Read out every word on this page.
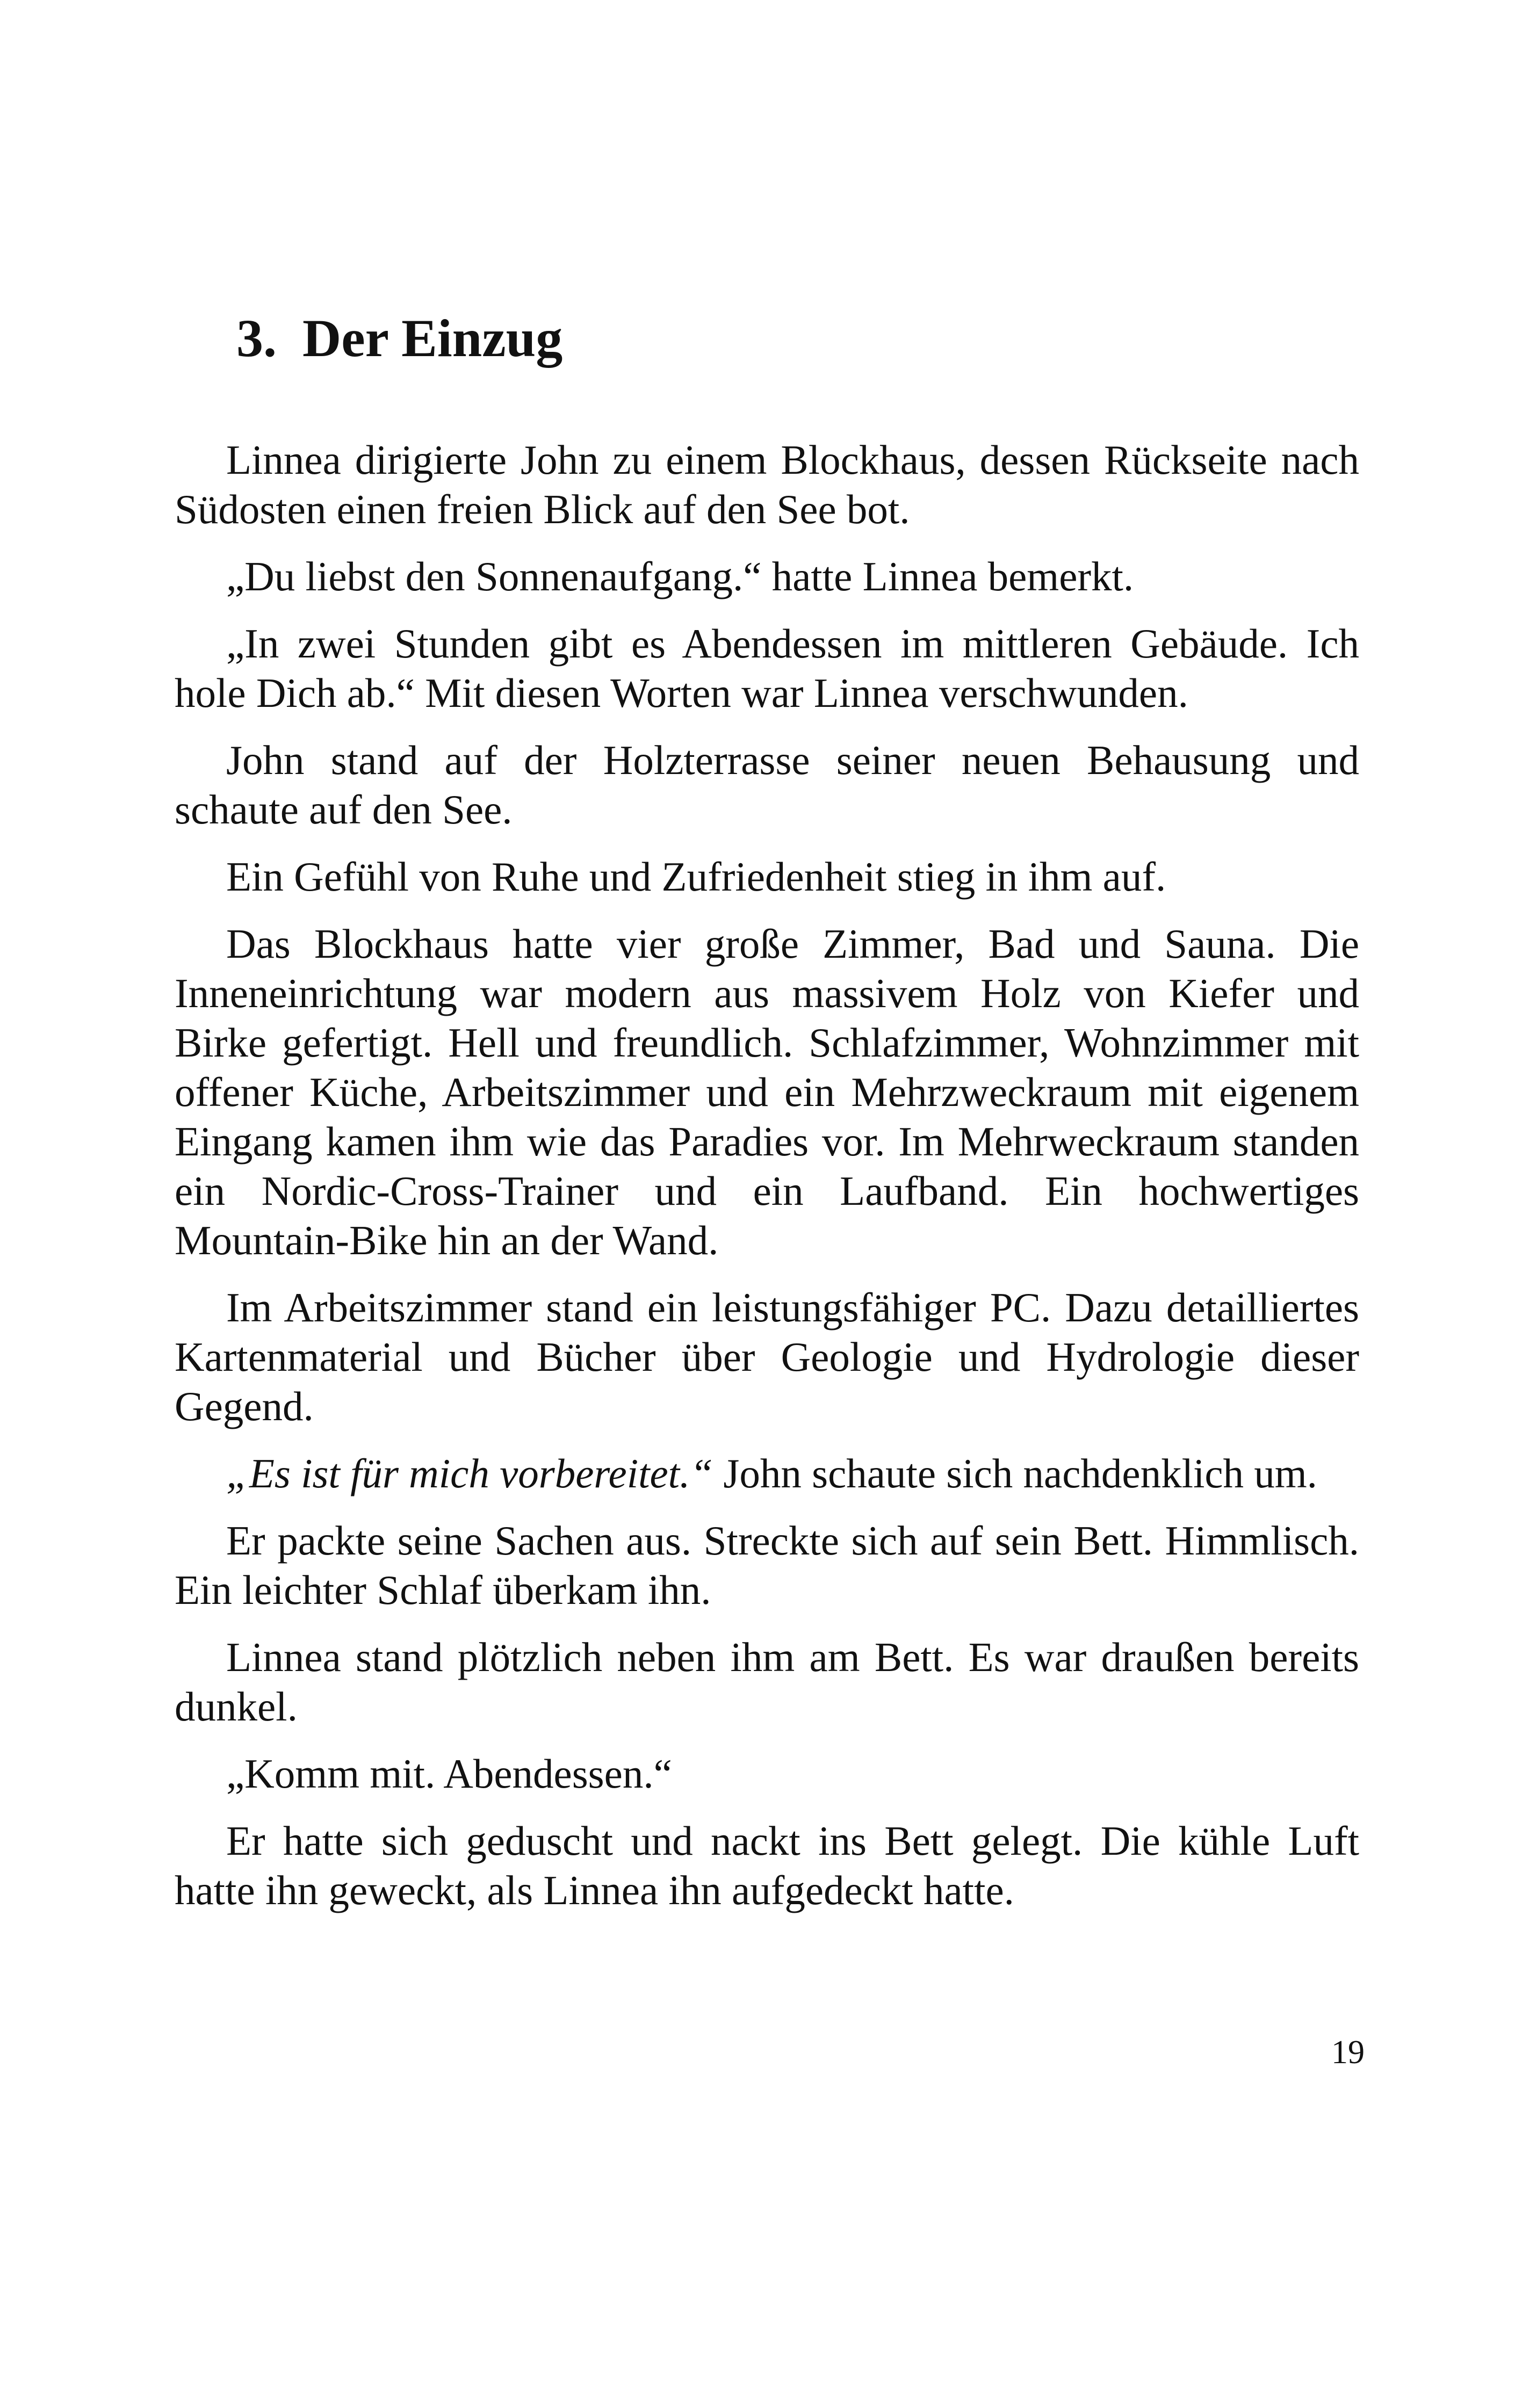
3. Der Einzug

Linnea dirigierte John zu einem Blockhaus, dessen Rückseite nach Südosten einen freien Blick auf den See bot.

„Du liebst den Sonnenaufgang.“ hatte Linnea bemerkt.

„In zwei Stunden gibt es Abendessen im mittleren Gebäude. Ich hole Dich ab.“ Mit diesen Worten war Linnea verschwunden.

John stand auf der Holzterrasse seiner neuen Behausung und schaute auf den See.

Ein Gefühl von Ruhe und Zufriedenheit stieg in ihm auf.

Das Blockhaus hatte vier große Zimmer, Bad und Sauna. Die Inneneinrichtung war modern aus massivem Holz von Kiefer und Birke gefertigt. Hell und freundlich. Schlafzimmer, Wohnzimmer mit offener Küche, Arbeitszimmer und ein Mehrzweckraum mit eigenem Eingang kamen ihm wie das Paradies vor. Im Mehrweckraum standen ein Nordic-Cross-Trainer und ein Laufband. Ein hochwertiges Mountain-Bike hin an der Wand.

Im Arbeitszimmer stand ein leistungsfähiger PC. Dazu detailliertes Kartenmaterial und Bücher über Geologie und Hydrologie dieser Gegend.

„Es ist für mich vorbereitet.“ John schaute sich nachdenklich um.

Er packte seine Sachen aus. Streckte sich auf sein Bett. Himmlisch. Ein leichter Schlaf überkam ihn.

Linnea stand plötzlich neben ihm am Bett. Es war draußen bereits dunkel.

„Komm mit. Abendessen.“

Er hatte sich geduscht und nackt ins Bett gelegt. Die kühle Luft hatte ihn geweckt, als Linnea ihn aufgedeckt hatte.

19
